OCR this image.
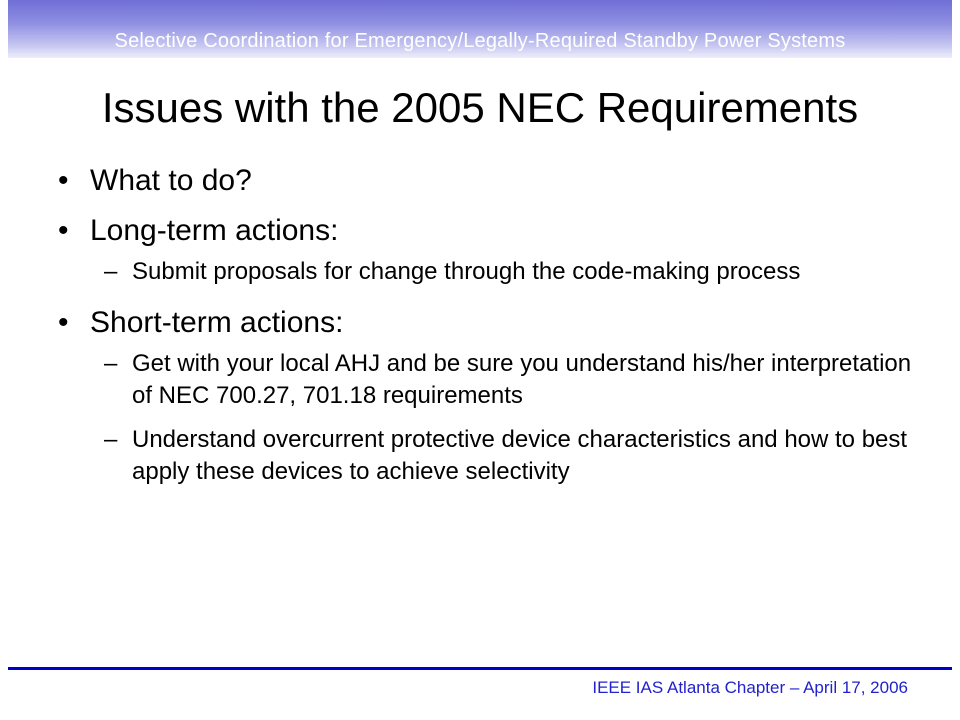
Selective Coordination for Emergency/Legally-Required Standby Power Systems
Issues with the 2005 NEC Requirements
• What to do?
• Long-term actions:
– Submit proposals for change through the code-making process
• Short-term actions:
– Get with your local AHJ and be sure you understand his/her interpretation of NEC 700.27, 701.18 requirements
– Understand overcurrent protective device characteristics and how to best apply these devices to achieve selectivity
IEEE IAS Atlanta Chapter – April 17, 2006
